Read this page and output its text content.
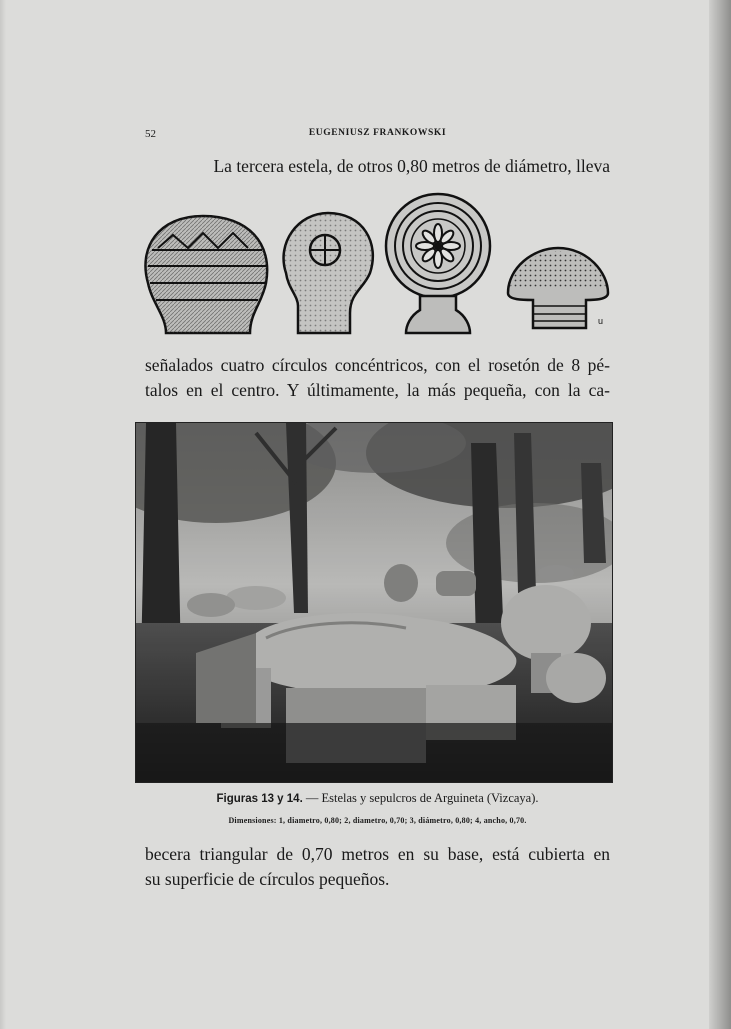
52	EUGENIUSZ FRANKOWSKI
La tercera estela, de otros 0,80 metros de diámetro, lleva
u
señalados cuatro círculos concéntricos, con el rosetón de 8 pé-
talos en el centro. Y últimamente, la más pequeña, con la ca-
Figuras 13 y 14. — Estelas y sepulcros de Arguineta (Vizcaya).
Dimensiones: 1, diametro, 0,80; 2, diametro, 0,70; 3, diámetro, 0,80; 4, ancho, 0,70.
becera triangular de 0,70 metros en su base, está cubierta en
su superficie de círculos pequeños.
